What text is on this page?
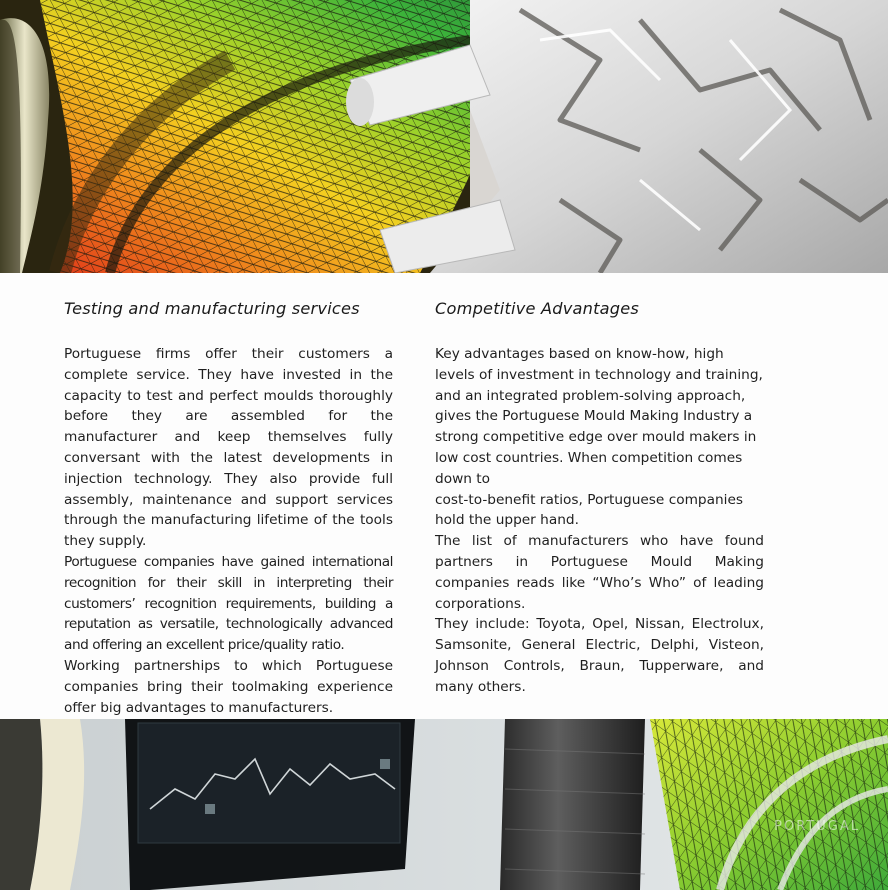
Testing and manufacturing services

Portuguese firms offer their customers a complete service. They have invested in the capacity to test and perfect moulds thoroughly before they are assembled for the manufacturer and keep themselves fully conversant with the latest developments in injection technology. They also provide full assembly, maintenance and support services through the manufacturing lifetime of the tools they supply.

Portuguese companies have gained international recognition for their skill in interpreting their customers’ recognition requirements, building a reputation as versatile, technologically advanced and offering an excellent price/quality ratio.

Working partnerships to which Portuguese companies bring their toolmaking experience offer big advantages to manufacturers.

Competitive Advantages

Key advantages based on know-how, high levels of investment in technology and training, and an integrated problem-solving approach, gives the Portuguese Mould Making Industry a strong competitive edge over mould makers in low cost countries. When competition comes down to

cost-to-benefit ratios, Portuguese companies hold the upper hand.

The list of manufacturers who have found partners in Portuguese Mould Making companies reads like “Who’s Who” of leading corporations.

They include: Toyota, Opel, Nissan, Electrolux, Samsonite, General Electric, Delphi, Visteon, Johnson Controls, Braun, Tupperware, and many others.

PORTUGAL
